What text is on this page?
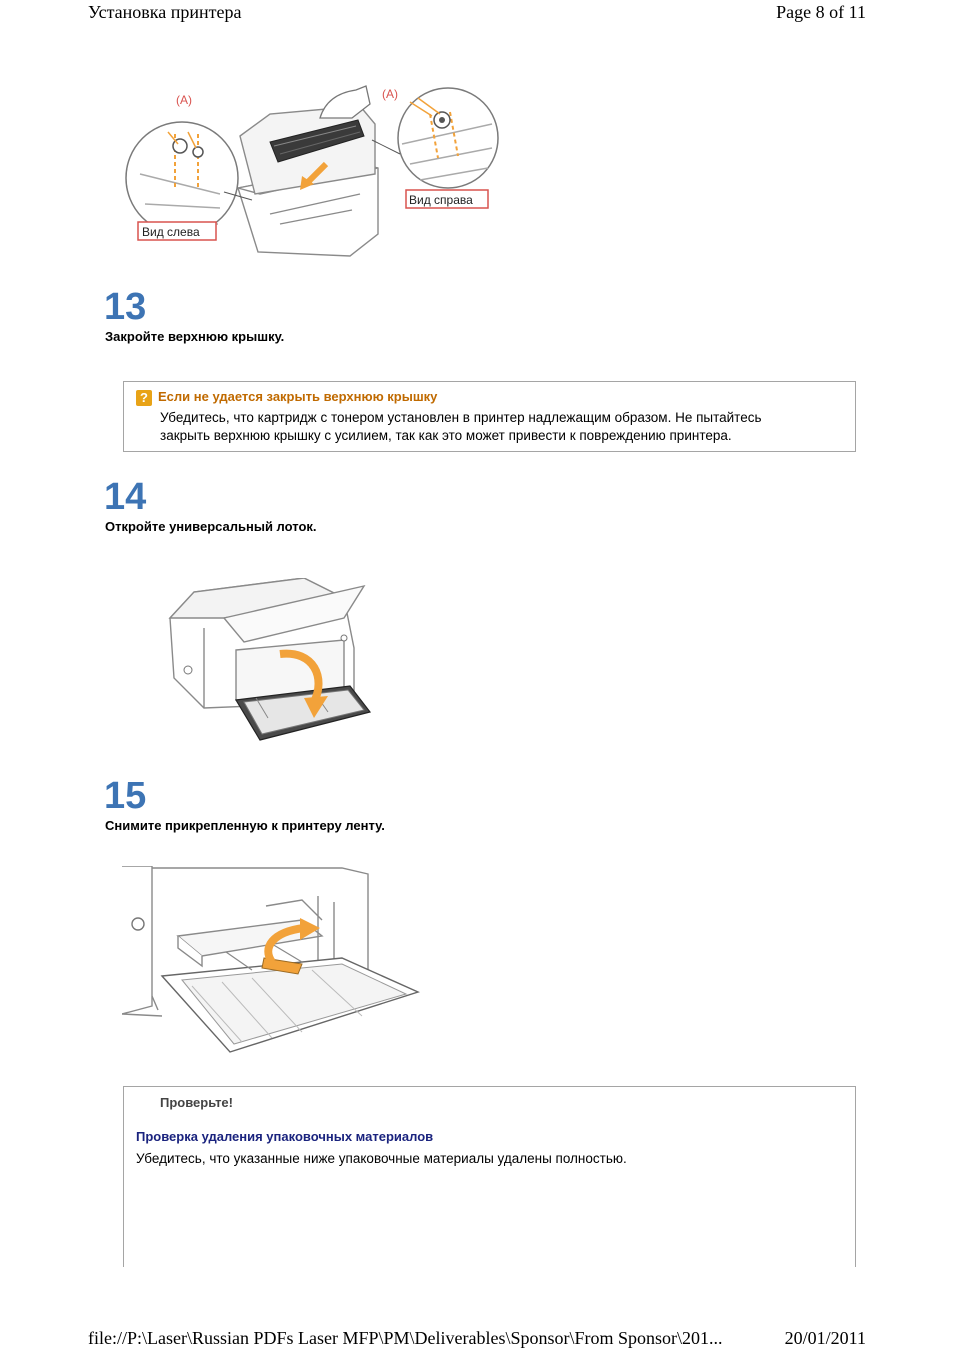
Установка принтера	Page 8 of 11
(A)	(A)
Вид слева
Вид справа
13
Закройте верхнюю крышку.
? Если не удается закрыть верхнюю крышку
Убедитесь, что картридж с тонером установлен в принтер надлежащим образом. Не пытайтесь
закрыть верхнюю крышку с усилием, так как это может привести к повреждению принтера.
14
Откройте универсальный лоток.
15
Снимите прикрепленную к принтеру ленту.
Проверьте!
Проверка удаления упаковочных материалов
Убедитесь, что указанные ниже упаковочные материалы удалены полностью.
file://P:\Laser\Russian PDFs Laser MFP\PM\Deliverables\Sponsor\From Sponsor\201...	20/01/2011
